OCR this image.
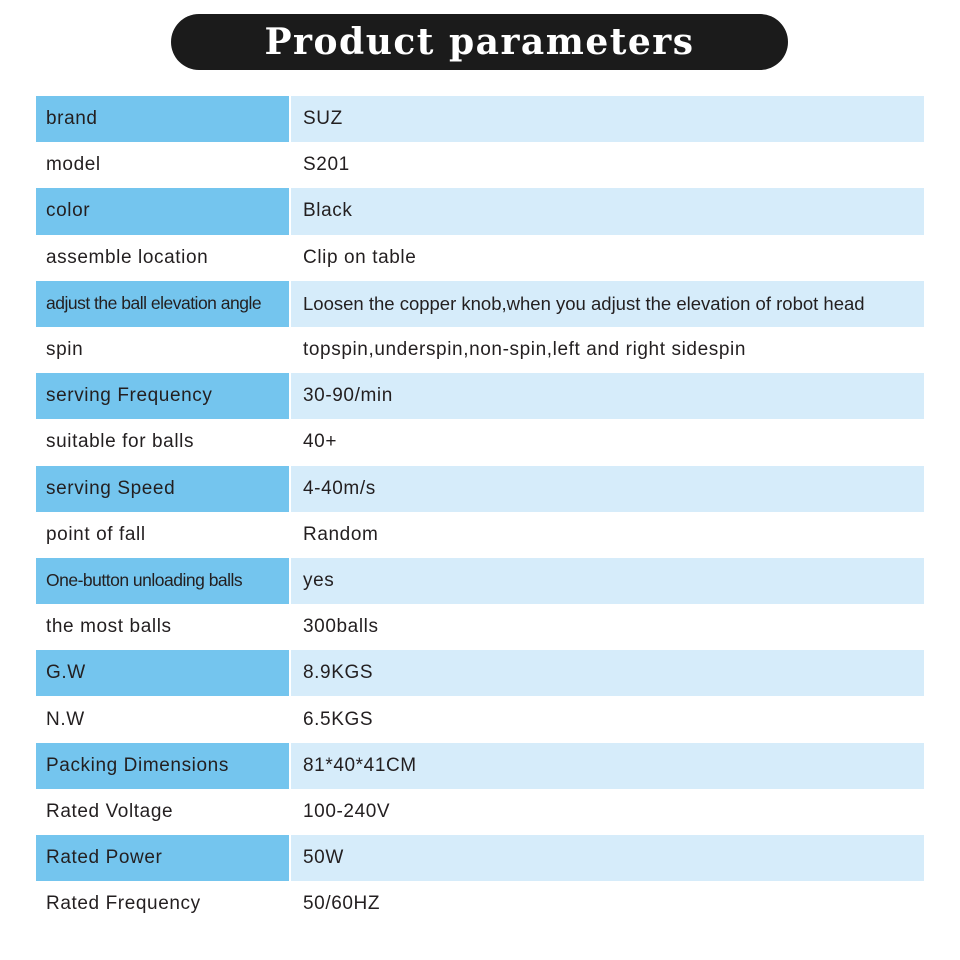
Product parameters
brand	SUZ
model	S201
color	Black
assemble location	Clip on table
adjust the ball elevation angle	Loosen the copper knob,when you adjust the elevation of robot head
spin	topspin,underspin,non-spin,left and right sidespin
serving Frequency	30-90/min
suitable for balls	40+
serving Speed	4-40m/s
point of fall	Random
One-button unloading balls	yes
the most balls	300balls
G.W	8.9KGS
N.W	6.5KGS
Packing Dimensions	81*40*41CM
Rated Voltage	100-240V
Rated Power	50W
Rated Frequency	50/60HZ
